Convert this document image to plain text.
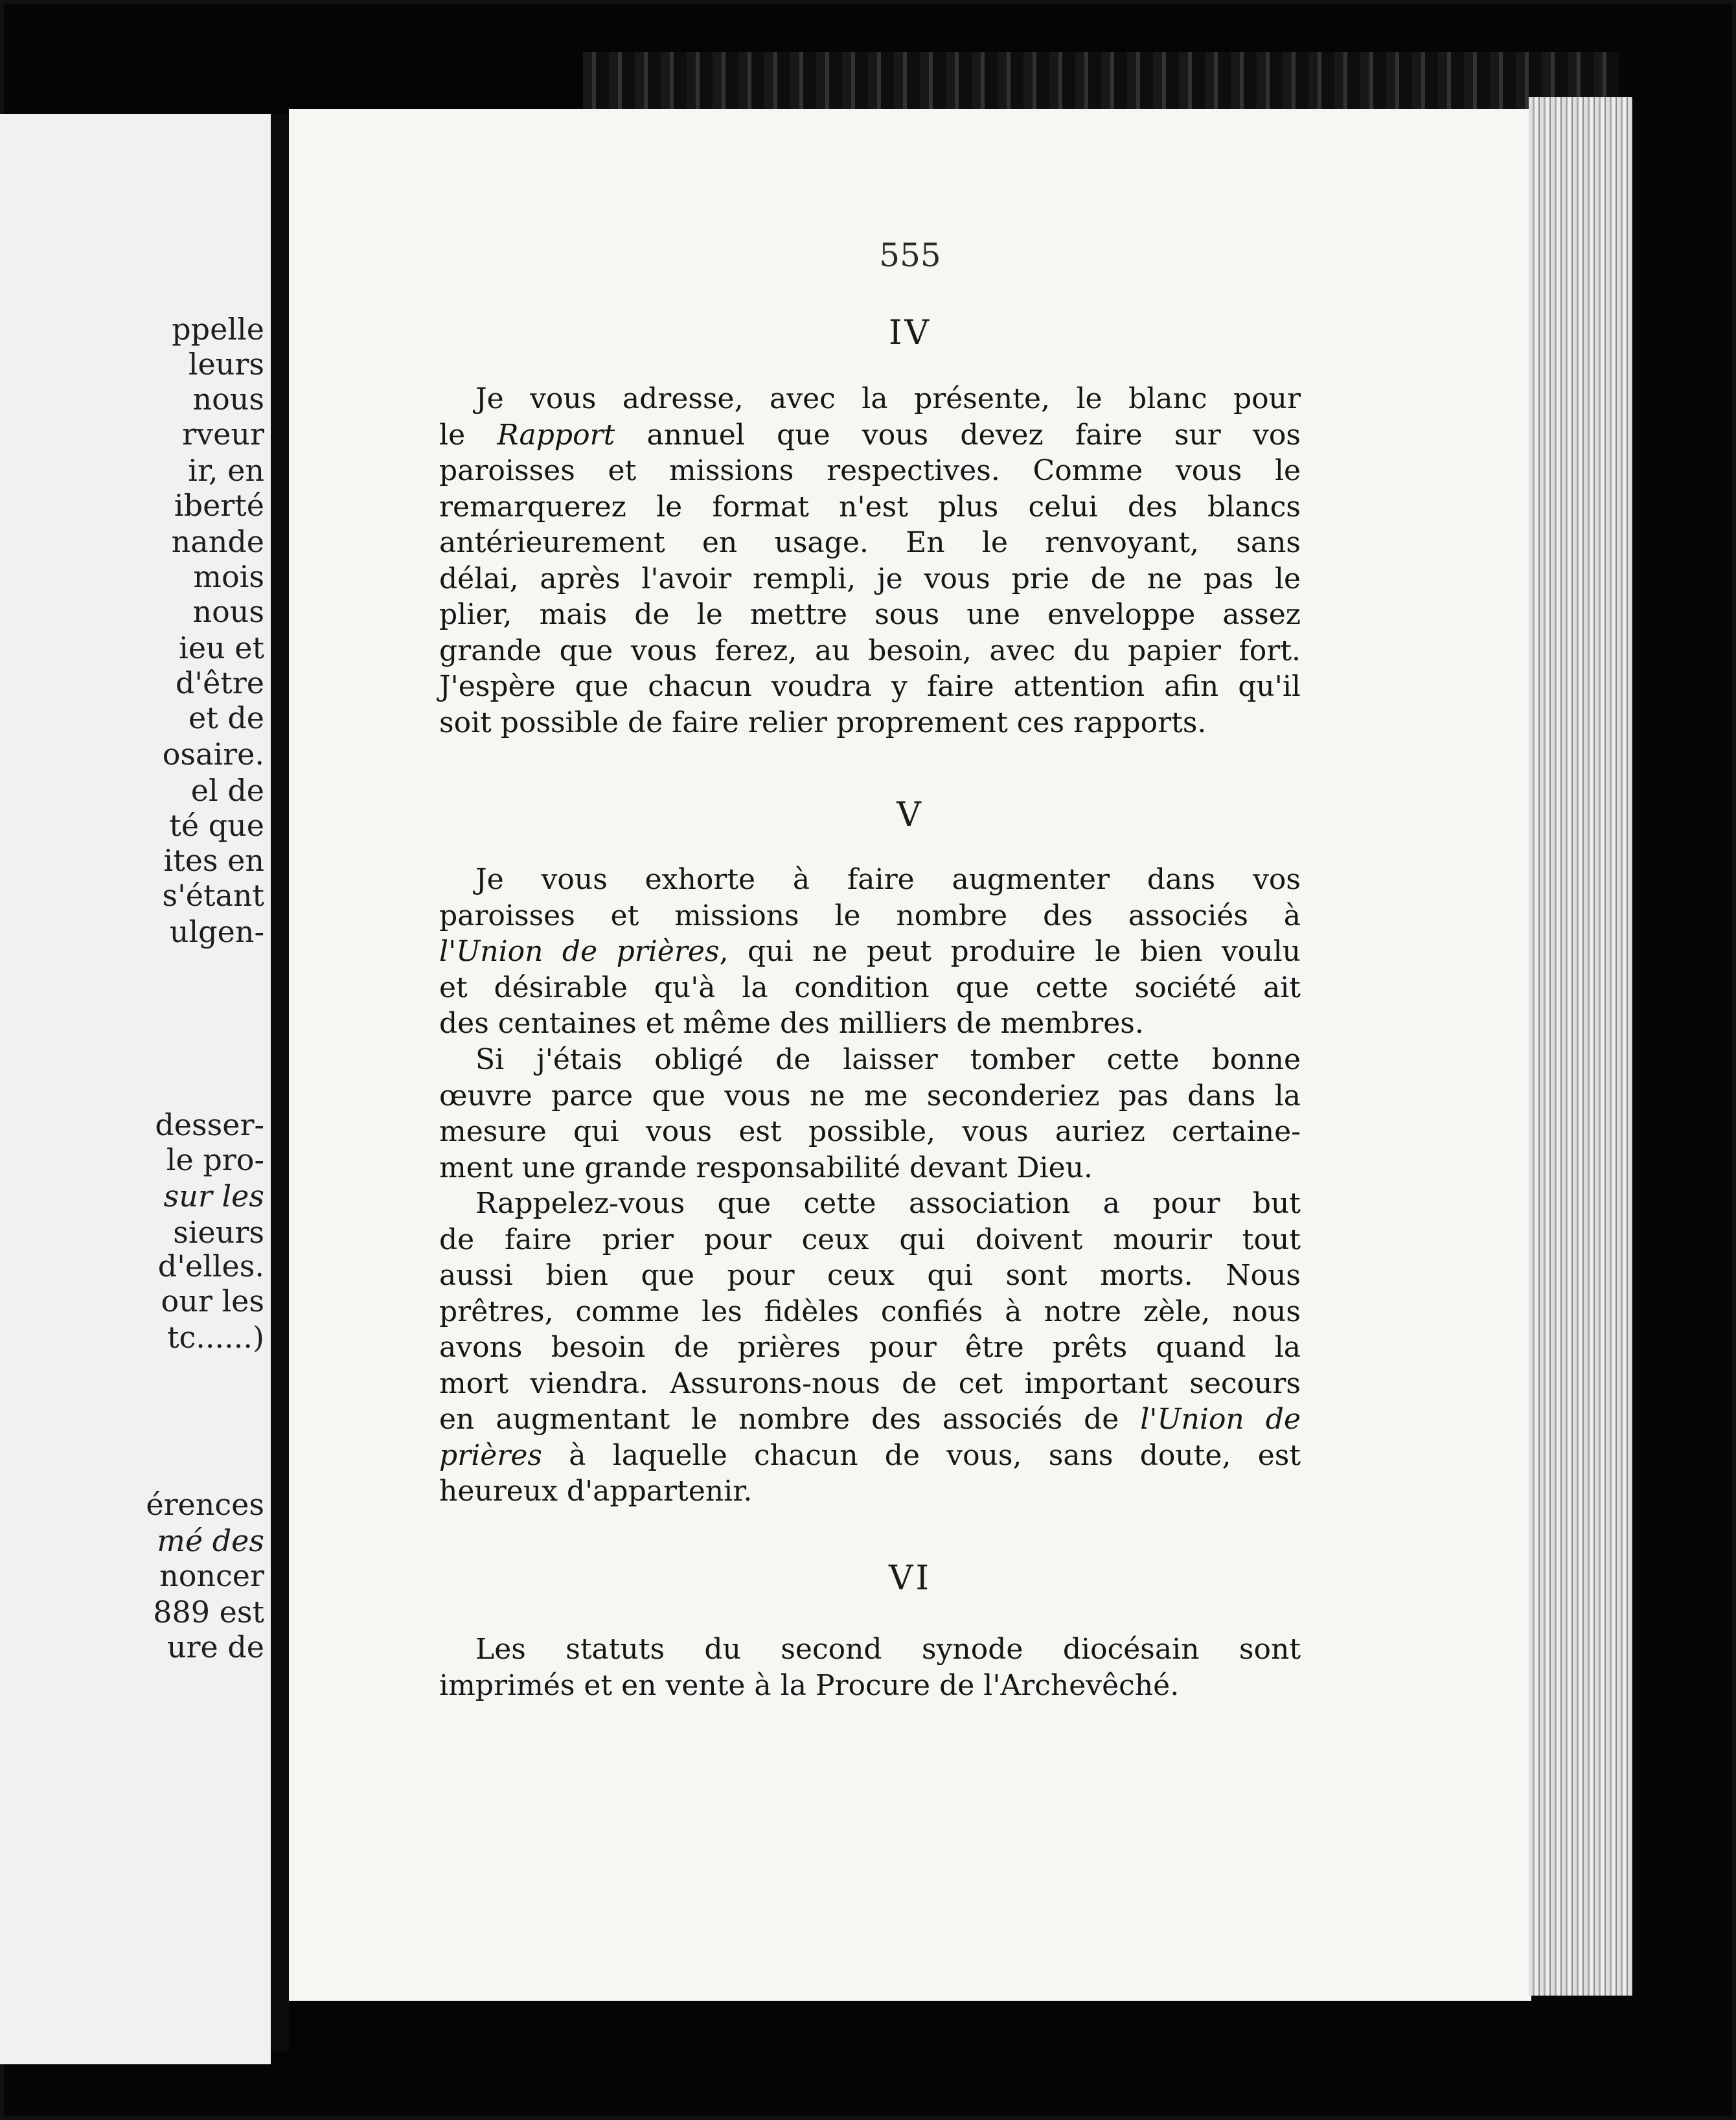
ppelle

leurs

nous

rveur

ir, en

iberté

nande

mois

nous

ieu et

d'être

et de

osaire.

el de

té que

ites en

s'étant

ulgen-

desser-

le pro-

sur les

sieurs

d'elles.

our les

tc......)

érences

mé des

noncer

889 est

ure de

555

IV

Je vous adresse, avec la présente, le blanc pour
le Rapport annuel que vous devez faire sur vos
paroisses et missions respectives. Comme vous le
remarquerez le format n'est plus celui des blancs
antérieurement en usage. En le renvoyant, sans
délai, après l'avoir rempli, je vous prie de ne pas le
plier, mais de le mettre sous une enveloppe assez
grande que vous ferez, au besoin, avec du papier fort.
J'espère que chacun voudra y faire attention afin qu'il
soit possible de faire relier proprement ces rapports.

V

Je vous exhorte à faire augmenter dans vos
paroisses et missions le nombre des associés à
l'Union de prières, qui ne peut produire le bien voulu
et désirable qu'à la condition que cette société ait
des centaines et même des milliers de membres.
Si j'étais obligé de laisser tomber cette bonne
œuvre parce que vous ne me seconderiez pas dans la
mesure qui vous est possible, vous auriez certaine-
ment une grande responsabilité devant Dieu.
Rappelez-vous que cette association a pour but
de faire prier pour ceux qui doivent mourir tout
aussi bien que pour ceux qui sont morts. Nous
prêtres, comme les fidèles confiés à notre zèle, nous
avons besoin de prières pour être prêts quand la
mort viendra. Assurons-nous de cet important secours
en augmentant le nombre des associés de l'Union de
prières à laquelle chacun de vous, sans doute, est
heureux d'appartenir.

VI

Les statuts du second synode diocésain sont
imprimés et en vente à la Procure de l'Archevêché.
